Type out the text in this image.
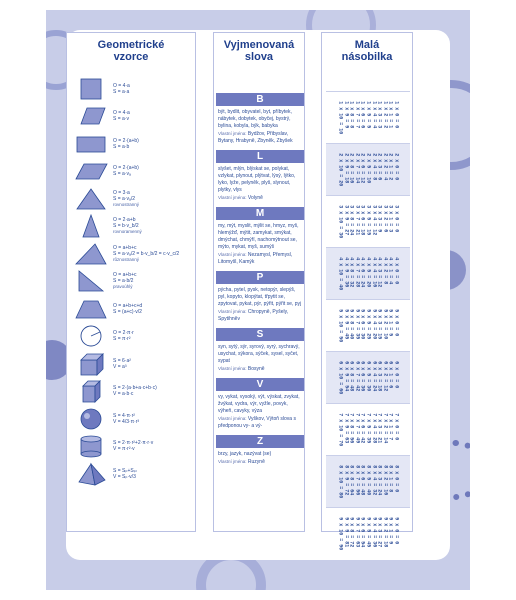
Geometrické
vzorce
O = 4·a
S = a·a
O = 4·a
S = a·v
O = 2·(a+b)
S = a·b
O = 2·(a+b)
S = a·vₐ
O = 3·a
S = a·vₐ/2
rovnostranný
O = 2·a+b
S = b·v_b/2
rovnoramenný
O = a+b+c
S = a·vₐ/2 = b·v_b/2 = c·v_c/2
různostranný
O = a+b+c
S = a·b/2
pravoúhlý
O = a+b+c+d
S = (a+c)·v/2
O = 2·π·r
S = π·r²
S = 6·a²
V = a³
S = 2·(a·b+a·c+b·c)
V = a·b·c
S = 4·π·r²
V = 4/3·π·r³
S = 2·π·r²+2·π·r·v
V = π·r²·v
S = Sₚ+Sₚₗ
V = Sₚ·v/3
Vyjmenovaná
slova
B
být, bydlit, obyvatel, byt, příbytek, nábytek, dobytek, obyčej, bystrý, bylina, kobyla, býk, babyka
Vlastní jména: Bydžov, Přibyslav, Bytany, Hrabyně, Zbyněk, Zbyšek
L
slyšet, mlýn, blýskat se, polykat, vzlykat, plynout, plýtvat, lýsý, lýtko, lyko, lyže, pelyněk, plyš, slynout, plytky, vlys
Vlastní jména: Volyně
M
my, mýt, myslit, mýlit se, hmyz, myš, hlemýžď, mýtit, zamykat, smýkat, dmýchat, chmýří, nachomýtnout se, mýto, mykat, myš, sumýš
Vlastní jména: Nezamysl, Přemysl, Litomyšl, Kamýk
P
pýcha, pytel, pysk, netopýr, slepýš, pyl, kopyto, klopýtat, třpytit se, zpytovat, pykat, pýr, pýřit, pýřit se, pyj
Vlastní jména: Chropyně, Pyšely, Spytihněv
S
syn, sytý, sýr, syrový, syrý, sychravý, usychat, sýkora, sýček, sysel, syčet, sypat
Vlastní jména: Bosyně
V
vy, vykat, vysoký, výt, výskat, zvykat, žvýkat, vydra, výr, vyžle, povyk, výheň, cavyky, výza
Vlastní jména: Vyškov, Výtoň slova s předponou vy- a vý-
Z
brzy, jazyk, nazývat (se)
Vlastní jména: Ruzyně
Malá
násobilka
1 x 0 = 0
1 x 1 = 1
1 x 2 = 2
1 x 3 = 3
1 x 4 = 4
1 x 5 = 5
1 x 6 = 6
1 x 7 = 7
1 x 8 = 8
1 x 9 = 9
1 x 10 = 10
2 x 0 = 0
2 x 1 = 2
2 x 2 = 4
2 x 3 = 6
2 x 4 = 8
2 x 5 = 10
2 x 6 = 12
2 x 7 = 14
2 x 8 = 16
2 x 9 = 18
2 x 10 = 20
3 x 0 = 0
3 x 1 = 3
3 x 2 = 6
3 x 3 = 9
3 x 4 = 12
3 x 5 = 15
3 x 6 = 18
3 x 7 = 21
3 x 8 = 24
3 x 9 = 27
3 x 10 = 30
4 x 0 = 0
4 x 1 = 4
4 x 2 = 8
4 x 3 = 12
4 x 4 = 16
4 x 5 = 20
4 x 6 = 24
4 x 7 = 28
4 x 8 = 32
4 x 9 = 36
4 x 10 = 40
5 x 0 = 0
5 x 1 = 5
5 x 2 = 10
5 x 3 = 15
5 x 4 = 20
5 x 5 = 25
5 x 6 = 30
5 x 7 = 35
5 x 8 = 40
5 x 9 = 45
5 x 10 = 50
6 x 0 = 0
6 x 1 = 6
6 x 2 = 12
6 x 3 = 18
6 x 4 = 24
6 x 5 = 30
6 x 6 = 36
6 x 7 = 42
6 x 8 = 48
6 x 9 = 54
6 x 10 = 60
7 x 0 = 0
7 x 1 = 7
7 x 2 = 14
7 x 3 = 21
7 x 4 = 28
7 x 5 = 35
7 x 6 = 42
7 x 7 = 49
7 x 8 = 56
7 x 9 = 63
7 x 10 = 70
8 x 0 = 0
8 x 1 = 8
8 x 2 = 16
8 x 3 = 24
8 x 4 = 32
8 x 5 = 40
8 x 6 = 48
8 x 7 = 56
8 x 8 = 64
8 x 9 = 72
8 x 10 = 80
9 x 0 = 0
9 x 1 = 9
9 x 2 = 18
9 x 3 = 27
9 x 4 = 36
9 x 5 = 45
9 x 6 = 54
9 x 7 = 63
9 x 8 = 72
9 x 9 = 81
9 x 10 = 90
